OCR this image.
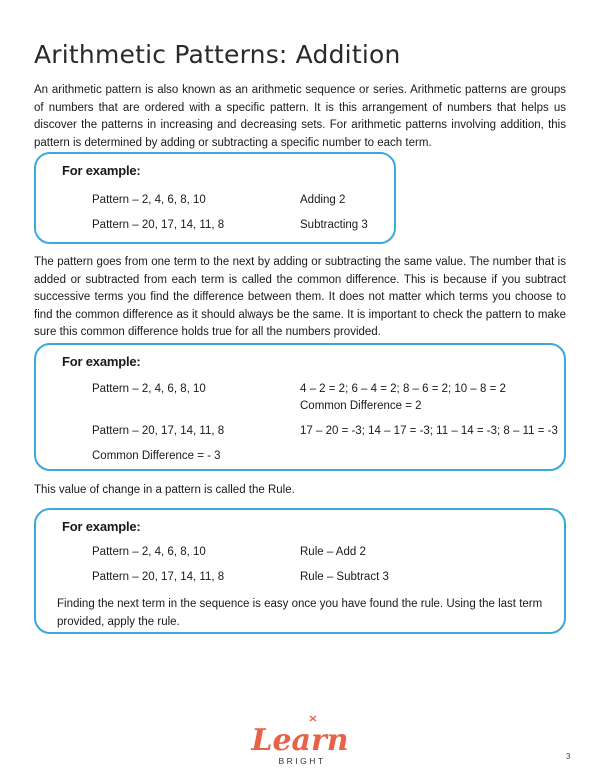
Arithmetic Patterns: Addition

An arithmetic pattern is also known as an arithmetic sequence or series. Arithmetic patterns are groups of numbers that are ordered with a specific pattern. It is this arrangement of numbers that helps us discover the patterns in increasing and decreasing sets. For arithmetic patterns involving addition, this pattern is determined by adding or subtracting a specific number to each term.

For example:
Pattern – 2, 4, 6, 8, 10	Adding 2
Pattern – 20, 17, 14, 11, 8	Subtracting 3

The pattern goes from one term to the next by adding or subtracting the same value. The number that is added or subtracted from each term is called the common difference. This is because if you subtract successive terms you find the difference between them. It does not matter which terms you choose to find the common difference as it should always be the same. It is important to check the pattern to make sure this common difference holds true for all the numbers provided.

For example:
Pattern – 2, 4, 6, 8, 10	4 – 2 = 2; 6 – 4 = 2; 8 – 6 = 2; 10 – 8 = 2
Common Difference = 2
Pattern – 20, 17, 14, 11, 8	17 – 20 = -3; 14 – 17 = -3; 11 – 14 = -3; 8 – 11 = -3
Common Difference = - 3

This value of change in a pattern is called the Rule.

For example:
Pattern – 2, 4, 6, 8, 10	Rule – Add 2
Pattern – 20, 17, 14, 11, 8	Rule – Subtract 3

Finding the next term in the sequence is easy once you have found the rule. Using the last term provided, apply the rule.

Learn
BRIGHT	3
